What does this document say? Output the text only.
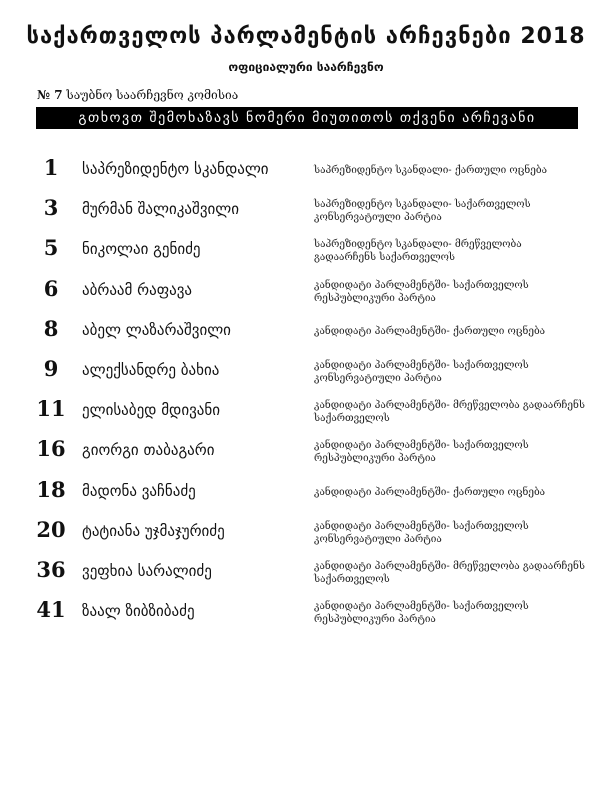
საქართველოს პარლამენტის არჩევნები 2018
ოფიციალური საარჩევნო
№ 7 საუბნო საარჩევნო კომისია
გთხოვთ შემოხაზავს ნომერი მიუთითოს თქვენი არჩევანი
1	საპრეზიდენტო სკანდალი	საპრეზიდენტო სკანდალი- ქართული ოცნება
3	მურმან შალიკაშვილი	საპრეზიდენტო სკანდალი- საქართველოს კონსერვატიული პარტია
5	ნიკოლაი გენიძე	საპრეზიდენტო სკანდალი- მრეწველობა გადაარჩენს საქართველოს
6	აბრაამ რაფავა	კანდიდატი პარლამენტში- საქართველოს რესპუბლიკური პარტია
8	აბელ ლაზარაშვილი	კანდიდატი პარლამენტში- ქართული ოცნება
9	ალექსანდრე ბახია	კანდიდატი პარლამენტში- საქართველოს კონსერვატიული პარტია
11	ელისაბედ მდივანი	კანდიდატი პარლამენტში- მრეწველობა გადაარჩენს საქართველოს
16	გიორგი თაბაგარი	კანდიდატი პარლამენტში- საქართველოს რესპუბლიკური პარტია
18	მადონა ვაჩნაძე	კანდიდატი პარლამენტში- ქართული ოცნება
20	ტატიანა უჯმაჯურიძე	კანდიდატი პარლამენტში- საქართველოს კონსერვატიული პარტია
36	ვეფხია სარალიძე	კანდიდატი პარლამენტში- მრეწველობა გადაარჩენს საქართველოს
41	ზაალ ზიბზიბაძე	კანდიდატი პარლამენტში- საქართველოს რესპუბლიკური პარტია
